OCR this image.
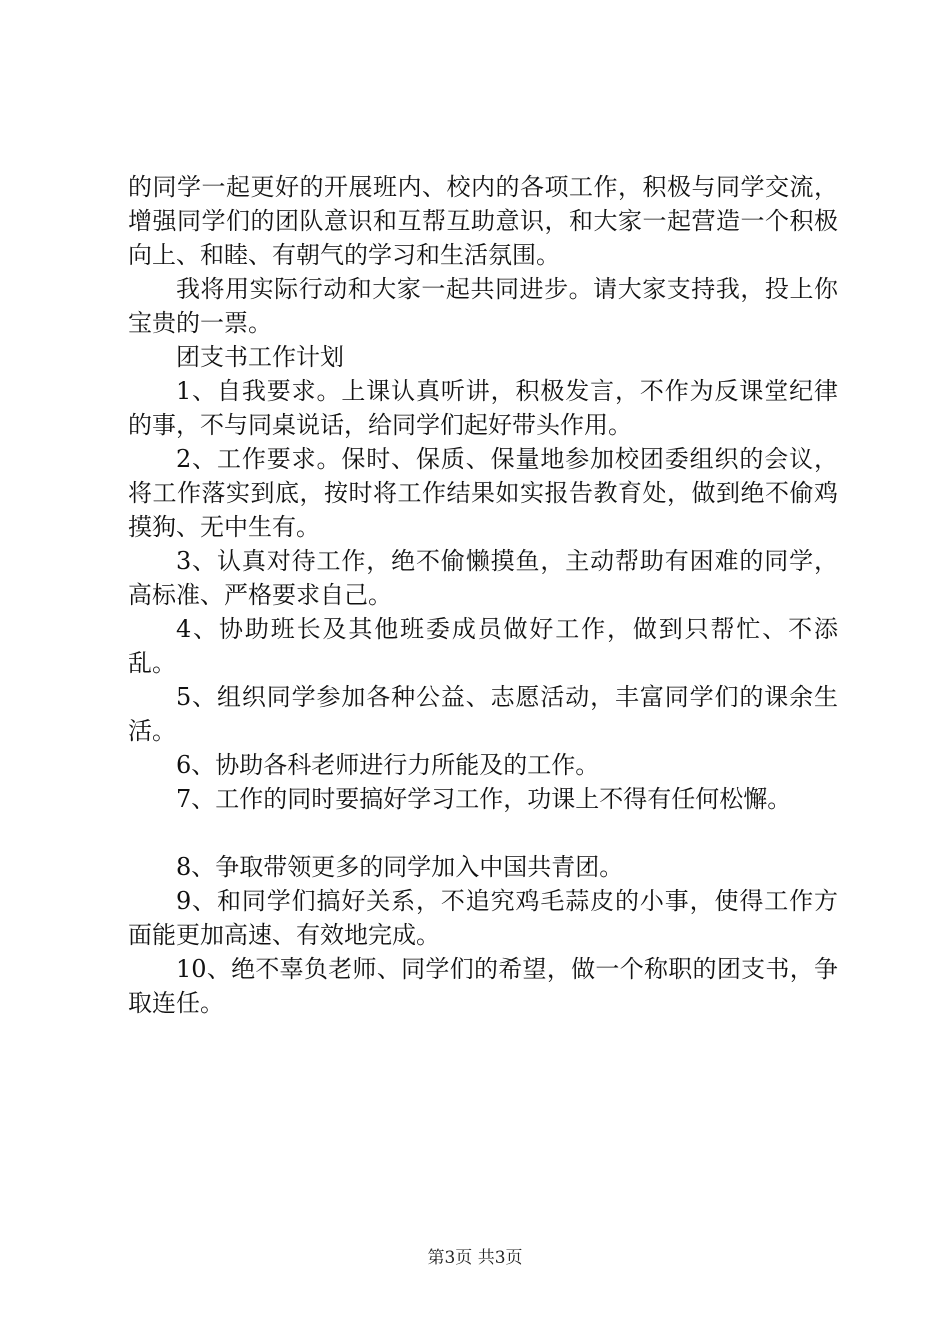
的同学一起更好的开展班内、校内的各项工作，积极与同学交流，增强同学们的团队意识和互帮互助意识，和大家一起营造一个积极向上、和睦、有朝气的学习和生活氛围。

我将用实际行动和大家一起共同进步。请大家支持我，投上你宝贵的一票。

团支书工作计划

1、自我要求。上课认真听讲，积极发言，不作为反课堂纪律的事，不与同桌说话，给同学们起好带头作用。

2、工作要求。保时、保质、保量地参加校团委组织的会议，将工作落实到底，按时将工作结果如实报告教育处，做到绝不偷鸡摸狗、无中生有。

3、认真对待工作，绝不偷懒摸鱼，主动帮助有困难的同学，高标准、严格要求自己。

4、协助班长及其他班委成员做好工作，做到只帮忙、不添乱。

5、组织同学参加各种公益、志愿活动，丰富同学们的课余生活。

6、协助各科老师进行力所能及的工作。

7、工作的同时要搞好学习工作，功课上不得有任何松懈。

8、争取带领更多的同学加入中国共青团。

9、和同学们搞好关系，不追究鸡毛蒜皮的小事，使得工作方面能更加高速、有效地完成。

10、绝不辜负老师、同学们的希望，做一个称职的团支书，争取连任。

第3页 共3页
